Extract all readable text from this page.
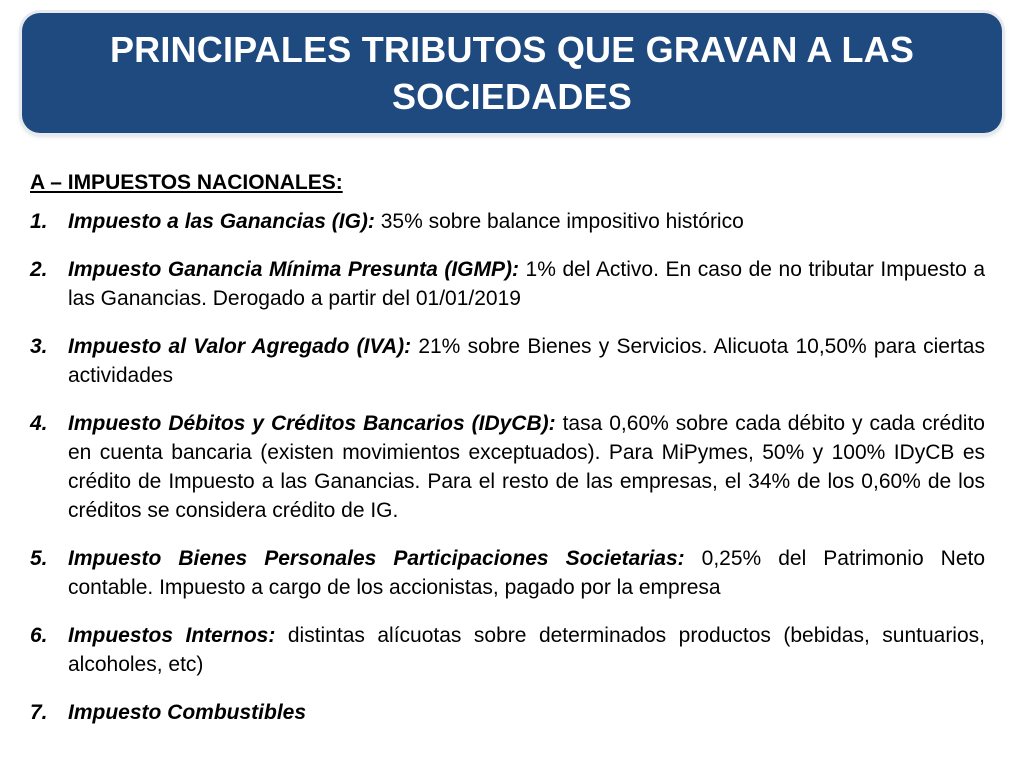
PRINCIPALES TRIBUTOS QUE GRAVAN A LAS SOCIEDADES
A – IMPUESTOS NACIONALES:
1. Impuesto a las Ganancias (IG): 35% sobre balance impositivo histórico
2. Impuesto Ganancia Mínima Presunta (IGMP): 1% del Activo. En caso de no tributar Impuesto a las Ganancias. Derogado a partir del 01/01/2019
3. Impuesto al Valor Agregado (IVA): 21% sobre Bienes y Servicios. Alicuota 10,50% para ciertas actividades
4. Impuesto Débitos y Créditos Bancarios (IDyCB): tasa 0,60% sobre cada débito y cada crédito en cuenta bancaria (existen movimientos exceptuados). Para MiPymes, 50% y 100% IDyCB es crédito de Impuesto a las Ganancias. Para el resto de las empresas, el 34% de los 0,60% de los créditos se considera crédito de IG.
5. Impuesto Bienes Personales Participaciones Societarias: 0,25% del Patrimonio Neto contable. Impuesto a cargo de los accionistas, pagado por la empresa
6. Impuestos Internos: distintas alícuotas sobre determinados productos (bebidas, suntuarios, alcoholes, etc)
7. Impuesto Combustibles
